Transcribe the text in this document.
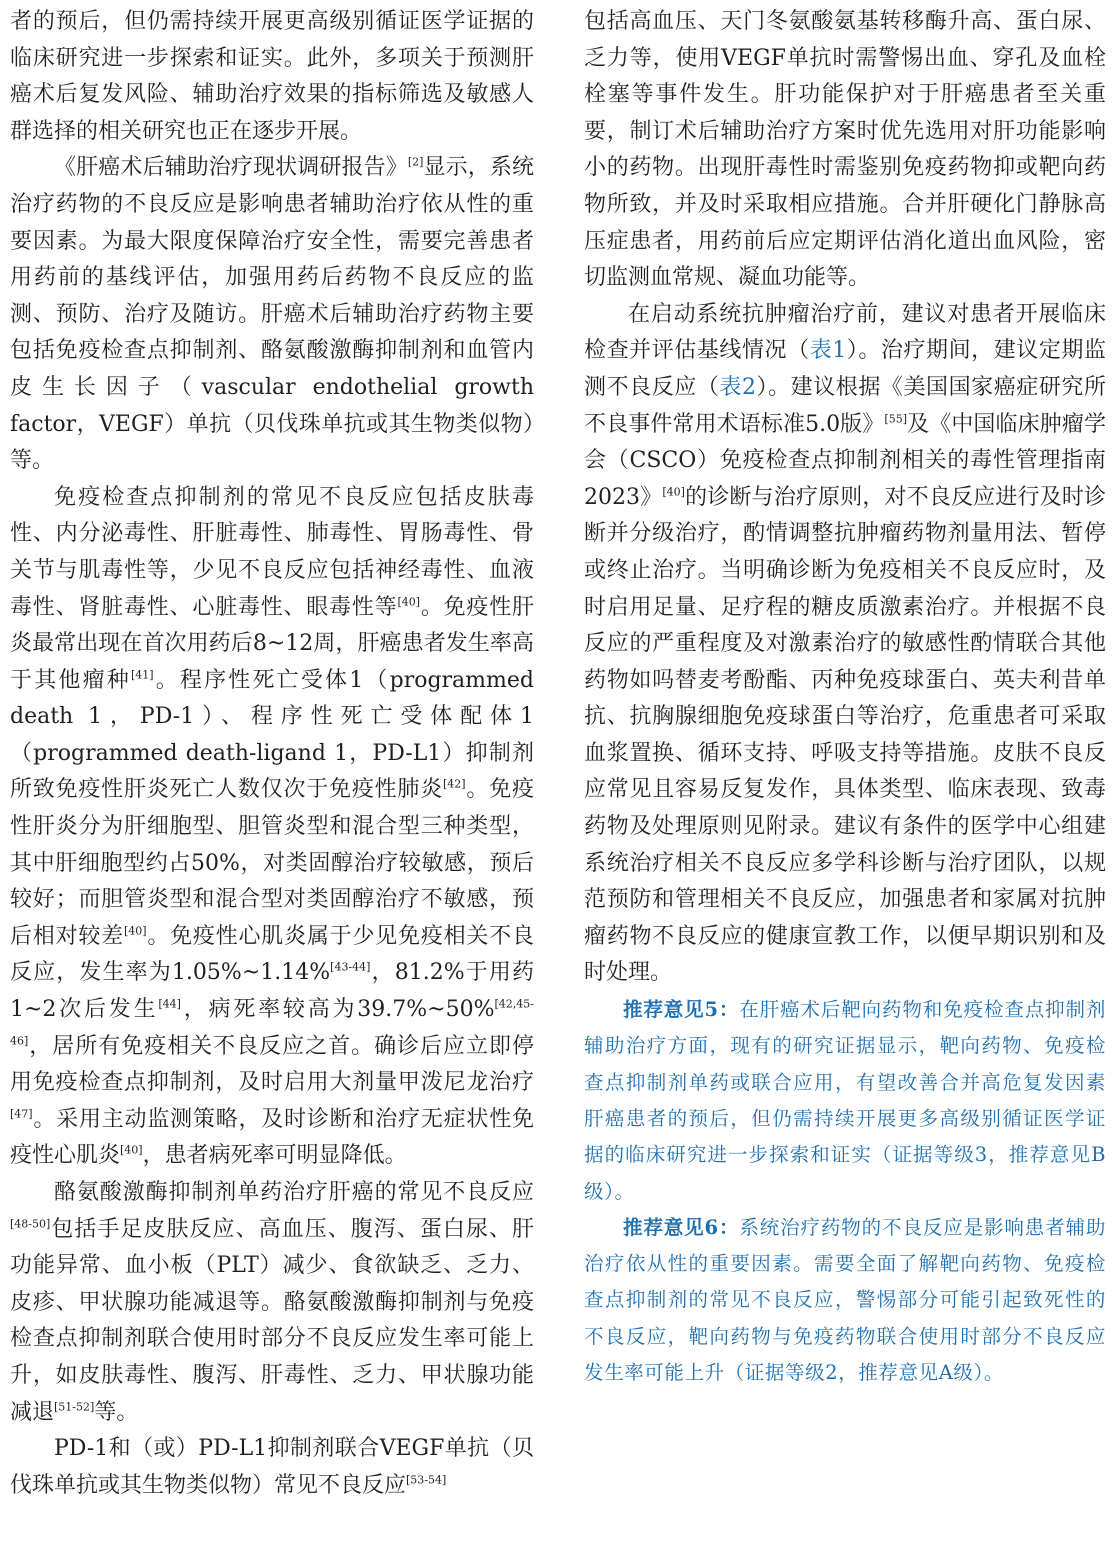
者的预后，但仍需持续开展更高级别循证医学证据的临床研究进一步探索和证实。此外，多项关于预测肝癌术后复发风险、辅助治疗效果的指标筛选及敏感人群选择的相关研究也正在逐步开展。

《肝癌术后辅助治疗现状调研报告》[2]显示，系统治疗药物的不良反应是影响患者辅助治疗依从性的重要因素。为最大限度保障治疗安全性，需要完善患者用药前的基线评估，加强用药后药物不良反应的监测、预防、治疗及随访。肝癌术后辅助治疗药物主要包括免疫检查点抑制剂、酪氨酸激酶抑制剂和血管内皮生长因子（vascular endothelial growth factor，VEGF）单抗（贝伐珠单抗或其生物类似物）等。

免疫检查点抑制剂的常见不良反应包括皮肤毒性、内分泌毒性、肝脏毒性、肺毒性、胃肠毒性、骨关节与肌毒性等，少见不良反应包括神经毒性、血液毒性、肾脏毒性、心脏毒性、眼毒性等[40]。免疫性肝炎最常出现在首次用药后8~12周，肝癌患者发生率高于其他瘤种[41]。程序性死亡受体1（programmed death 1，PD-1）、程序性死亡受体配体1（programmed death-ligand 1，PD-L1）抑制剂所致免疫性肝炎死亡人数仅次于免疫性肺炎[42]。免疫性肝炎分为肝细胞型、胆管炎型和混合型三种类型，其中肝细胞型约占50%，对类固醇治疗较敏感，预后较好；而胆管炎型和混合型对类固醇治疗不敏感，预后相对较差[40]。免疫性心肌炎属于少见免疫相关不良反应，发生率为1.05%~1.14%[43-44]，81.2%于用药1~2次后发生[44]，病死率较高为39.7%~50%[42,45-46]，居所有免疫相关不良反应之首。确诊后应立即停用免疫检查点抑制剂，及时启用大剂量甲泼尼龙治疗[47]。采用主动监测策略，及时诊断和治疗无症状性免疫性心肌炎[40]，患者病死率可明显降低。

酪氨酸激酶抑制剂单药治疗肝癌的常见不良反应[48-50]包括手足皮肤反应、高血压、腹泻、蛋白尿、肝功能异常、血小板（PLT）减少、食欲缺乏、乏力、皮疹、甲状腺功能减退等。酪氨酸激酶抑制剂与免疫检查点抑制剂联合使用时部分不良反应发生率可能上升，如皮肤毒性、腹泻、肝毒性、乏力、甲状腺功能减退[51-52]等。

PD-1和（或）PD-L1抑制剂联合VEGF单抗（贝伐珠单抗或其生物类似物）常见不良反应[53-54]

包括高血压、天门冬氨酸氨基转移酶升高、蛋白尿、乏力等，使用VEGF单抗时需警惕出血、穿孔及血栓栓塞等事件发生。肝功能保护对于肝癌患者至关重要，制订术后辅助治疗方案时优先选用对肝功能影响小的药物。出现肝毒性时需鉴别免疫药物抑或靶向药物所致，并及时采取相应措施。合并肝硬化门静脉高压症患者，用药前后应定期评估消化道出血风险，密切监测血常规、凝血功能等。

在启动系统抗肿瘤治疗前，建议对患者开展临床检查并评估基线情况（表1）。治疗期间，建议定期监测不良反应（表2）。建议根据《美国国家癌症研究所不良事件常用术语标准5.0版》[55]及《中国临床肿瘤学会（CSCO）免疫检查点抑制剂相关的毒性管理指南2023》[40]的诊断与治疗原则，对不良反应进行及时诊断并分级治疗，酌情调整抗肿瘤药物剂量用法、暂停或终止治疗。当明确诊断为免疫相关不良反应时，及时启用足量、足疗程的糖皮质激素治疗。并根据不良反应的严重程度及对激素治疗的敏感性酌情联合其他药物如吗替麦考酚酯、丙种免疫球蛋白、英夫利昔单抗、抗胸腺细胞免疫球蛋白等治疗，危重患者可采取血浆置换、循环支持、呼吸支持等措施。皮肤不良反应常见且容易反复发作，具体类型、临床表现、致毒药物及处理原则见附录。建议有条件的医学中心组建系统治疗相关不良反应多学科诊断与治疗团队，以规范预防和管理相关不良反应，加强患者和家属对抗肿瘤药物不良反应的健康宣教工作，以便早期识别和及时处理。

推荐意见5：在肝癌术后靶向药物和免疫检查点抑制剂辅助治疗方面，现有的研究证据显示，靶向药物、免疫检查点抑制剂单药或联合应用，有望改善合并高危复发因素肝癌患者的预后，但仍需持续开展更多高级别循证医学证据的临床研究进一步探索和证实（证据等级3，推荐意见B级）。

推荐意见6：系统治疗药物的不良反应是影响患者辅助治疗依从性的重要因素。需要全面了解靶向药物、免疫检查点抑制剂的常见不良反应，警惕部分可能引起致死性的不良反应，靶向药物与免疫药物联合使用时部分不良反应发生率可能上升（证据等级2，推荐意见A级）。
